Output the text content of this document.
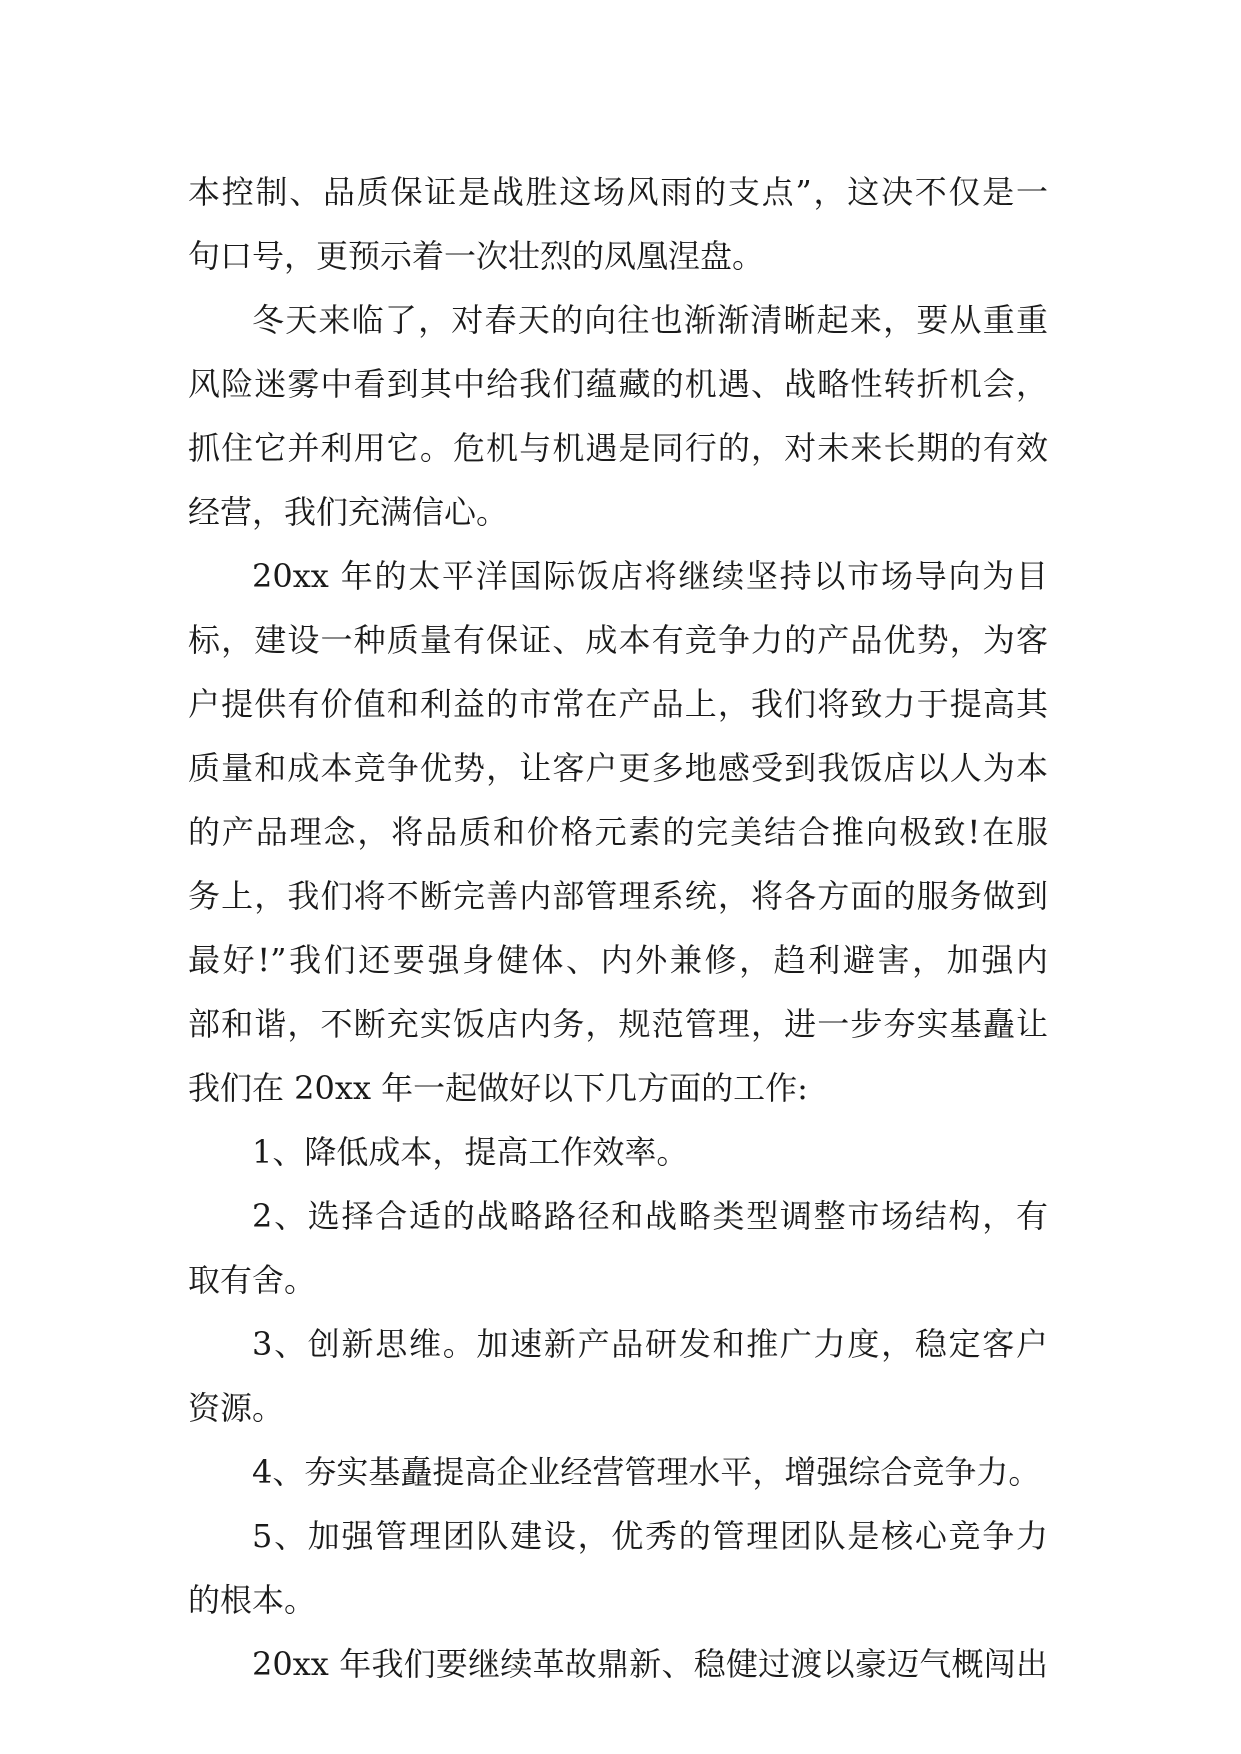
本控制、品质保证是战胜这场风雨的支点”，这决不仅是一
句口号，更预示着一次壮烈的凤凰涅盘。
冬天来临了，对春天的向往也渐渐清晰起来，要从重重
风险迷雾中看到其中给我们蕴藏的机遇、战略性转折机会，
抓住它并利用它。危机与机遇是同行的，对未来长期的有效
经营，我们充满信心。
20xx 年的太平洋国际饭店将继续坚持以市场导向为目
标，建设一种质量有保证、成本有竞争力的产品优势，为客
户提供有价值和利益的市常在产品上，我们将致力于提高其
质量和成本竞争优势，让客户更多地感受到我饭店以人为本
的产品理念，将品质和价格元素的完美结合推向极致!在服
务上，我们将不断完善内部管理系统，将各方面的服务做到
最好!”我们还要强身健体、内外兼修，趋利避害，加强内
部和谐，不断充实饭店内务，规范管理，进一步夯实基矗让
我们在 20xx 年一起做好以下几方面的工作:
1、降低成本，提高工作效率。
2、选择合适的战略路径和战略类型调整市场结构，有
取有舍。
3、创新思维。加速新产品研发和推广力度，稳定客户
资源。
4、夯实基矗提高企业经营管理水平，增强综合竞争力。
5、加强管理团队建设，优秀的管理团队是核心竞争力
的根本。
20xx 年我们要继续革故鼎新、稳健过渡以豪迈气概闯出
